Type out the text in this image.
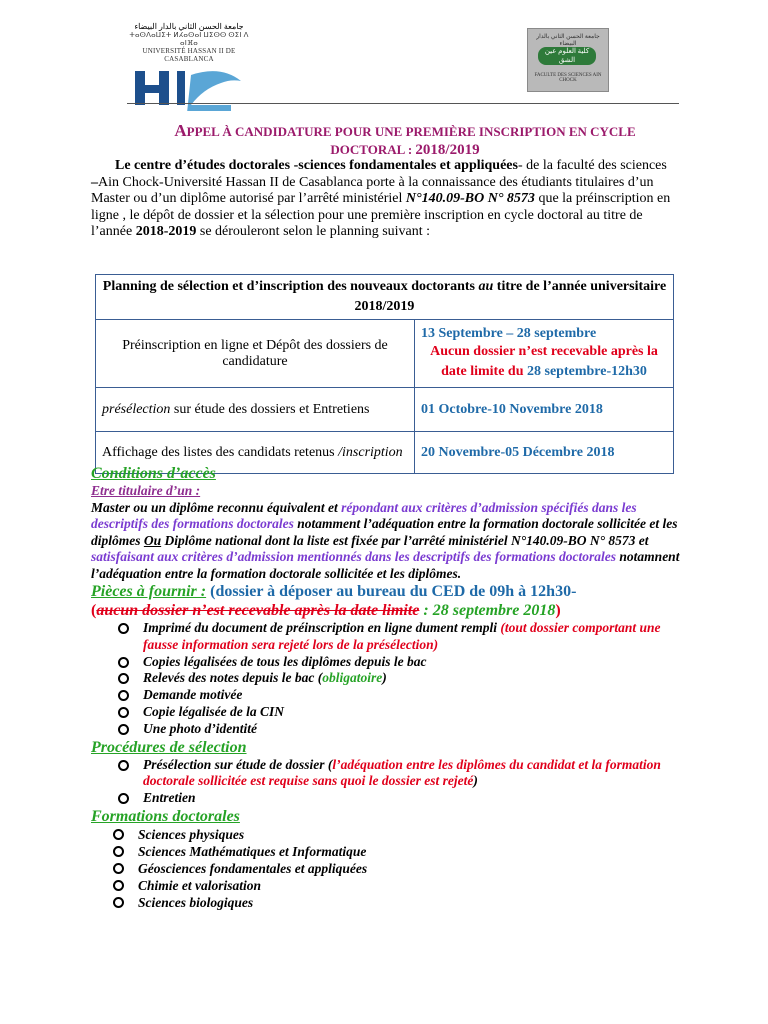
جامعة الحسن الثاني بالدار البيضاء
ⵜⴰⵙⴷⴰⵡⵉⵜ ⵍⵃⴰⵙⴰⵏ ⵡⵉⵙⵙ ⵙⵉⵏ ⴷ ⴰⵏⴼⴰ
UNIVERSITÉ HASSAN II DE CASABLANCA
جامعة الحسن الثاني بالدار البيضاء
كلية العلوم عين الشق
FACULTE DES SCIENCES AIN CHOCK
APPEL À CANDIDATURE POUR UNE PREMIÈRE INSCRIPTION EN CYCLE
DOCTORAL : 2018/2019
Le centre d’études doctorales -sciences fondamentales et appliquées- de la faculté des sciences –Ain Chock-Université Hassan II de Casablanca porte à la connaissance des étudiants titulaires d’un Master ou d’un diplôme autorisé par l’arrêté ministériel N°140.09-BO N° 8573 que la préinscription en ligne , le dépôt de dossier et la sélection pour une première inscription en cycle doctoral au titre de l’année 2018-2019 se dérouleront selon le planning suivant :
Planning de sélection et d’inscription des nouveaux doctorants au titre de l’année universitaire 2018/2019	
Préinscription en ligne et Dépôt des dossiers de candidature	13 Septembre – 28 septembre
Aucun dossier n’est recevable après la date limite du 28 septembre-12h30

présélection sur étude des dossiers et Entretiens	01 Octobre-10 Novembre 2018
Affichage des listes des candidats retenus /inscription	20 Novembre-05 Décembre 2018
Conditions d’accès
Etre titulaire d’un :
Master ou un diplôme reconnu équivalent et répondant aux critères d’admission spécifiés dans les descriptifs des formations doctorales notamment l’adéquation entre la formation doctorale sollicitée et les diplômes Ou Diplôme national dont la liste est fixée par l’arrêté ministériel N°140.09-BO N° 8573 et satisfaisant aux critères d’admission mentionnés dans les descriptifs des formations doctorales notamnent l’adéquation entre la formation doctorale sollicitée et les diplômes.
Pièces à fournir : (dossier à déposer au bureau du CED de 09h à 12h30-
(aucun dossier n’est recevable après la date limite : 28 septembre 2018)
Imprimé du document de préinscription en ligne dument rempli (tout dossier comportant une fausse information sera rejeté lors de la présélection)
Copies légalisées de tous les diplômes depuis le bac
Relevés des notes depuis le bac (obligatoire)
Demande motivée
Copie légalisée de la CIN
Une photo d’identité
Procédures de sélection
Présélection sur étude de dossier (l’adéquation entre les diplômes du candidat et la formation doctorale sollicitée est requise sans quoi le dossier est rejeté)
Entretien
Formations doctorales
Sciences physiques
Sciences Mathématiques et Informatique
Géosciences fondamentales et appliquées
Chimie et valorisation
Sciences biologiques
